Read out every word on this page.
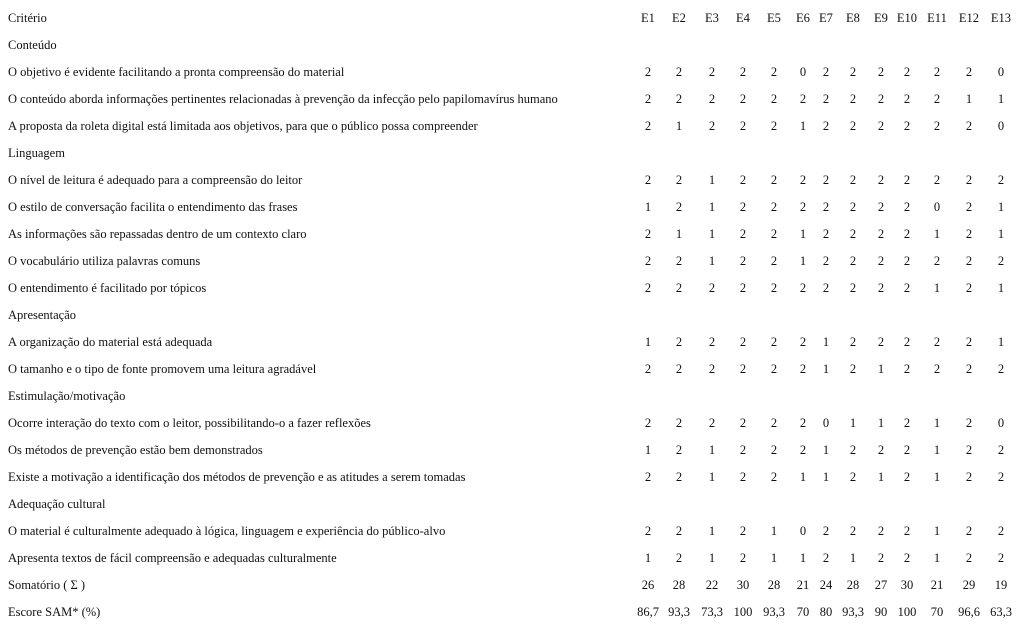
Critério	E1	E2	E3	E4	E5	E6 E7	E8	E9 E10 E11 E12 E13
Conteúdo
O objetivo é evidente facilitando a pronta compreensão do material	2	2	2	2	2	0	2	2	2	2	2	2	0
O conteúdo aborda informações pertinentes relacionadas à prevenção da infecção pelo papilomavírus humano	2	2	2	2	2	2	2	2	2	2	2	1	1
A proposta da roleta digital está limitada aos objetivos, para que o público possa compreender	2	1	2	2	2	1	2	2	2	2	2	2	0
Linguagem
O nível de leitura é adequado para a compreensão do leitor	2	2	1	2	2	2	2	2	2	2	2	2	2
O estilo de conversação facilita o entendimento das frases	1	2	1	2	2	2	2	2	2	2	0	2	1
As informações são repassadas dentro de um contexto claro	2	1	1	2	2	1	2	2	2	2	1	2	1
O vocabulário utiliza palavras comuns	2	2	1	2	2	1	2	2	2	2	2	2	2
O entendimento é facilitado por tópicos	2	2	2	2	2	2	2	2	2	2	1	2	1
Apresentação
A organização do material está adequada	1	2	2	2	2	2	1	2	2	2	2	2	1
O tamanho e o tipo de fonte promovem uma leitura agradável	2	2	2	2	2	2	1	2	1	2	2	2	2
Estimulação/motivação
Ocorre interação do texto com o leitor, possibilitando-o a fazer reflexões	2	2	2	2	2	2	0	1	1	2	1	2	0
Os métodos de prevenção estão bem demonstrados	1	2	1	2	2	2	1	2	2	2	1	2	2
Existe a motivação a identificação dos métodos de prevenção e as atitudes a serem tomadas	2	2	1	2	2	1	1	2	1	2	1	2	2
Adequação cultural
O material é culturalmente adequado à lógica, linguagem e experiência do público-alvo	2	2	1	2	1	0	2	2	2	2	1	2	2
Apresenta textos de fácil compreensão e adequadas culturalmente	1	2	1	2	1	1	2	1	2	2	1	2	2
Somatório ( Σ )	26	28	22	30	28	21 24	28	27	30	21	29	19
Escore SAM* (%)	86,7 93,3 73,3 100 93,3 70 80 93,3 90 100	70	96,6 63,3
